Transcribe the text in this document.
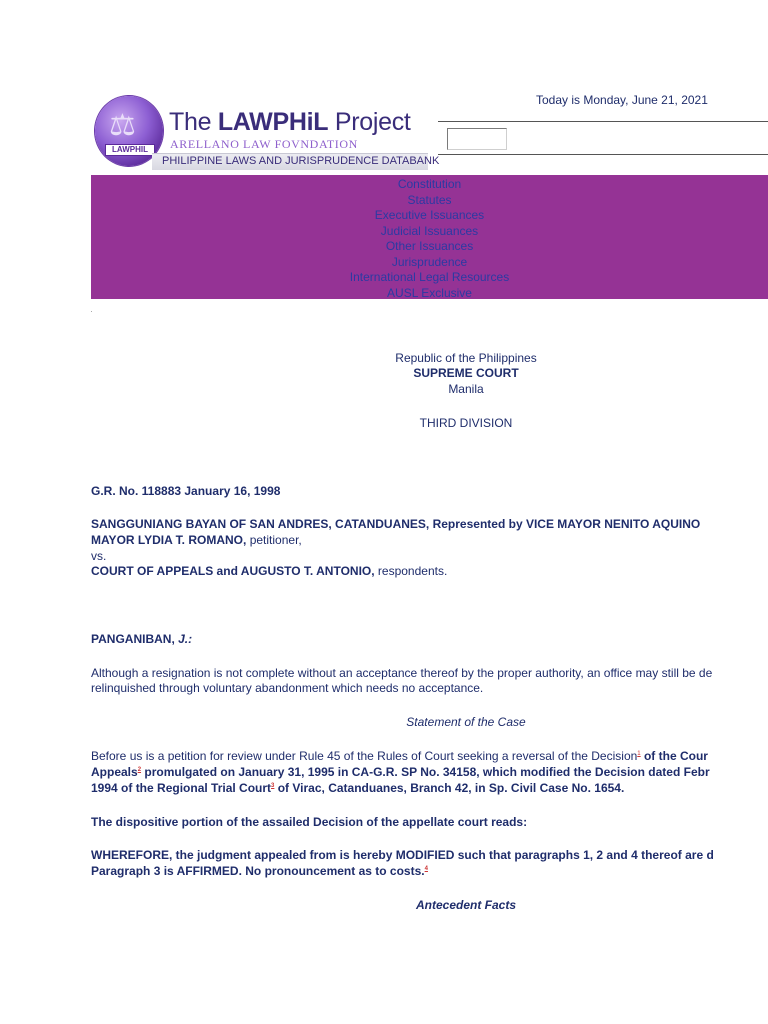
⚖
LAWPHIL
The LAWPHiL Project
ARELLANO LAW FOVNDATION
PHILIPPINE LAWS AND JURISPRUDENCE DATABANK
Today is Monday, June 21, 2021
Constitution
Statutes
Executive Issuances
Judicial Issuances
Other Issuances
Jurisprudence
International Legal Resources
AUSL Exclusive
Republic of the Philippines
SUPREME COURT
Manila
THIRD DIVISION
G.R. No. 118883 January 16, 1998
SANGGUNIANG BAYAN OF SAN ANDRES, CATANDUANES, Represented by VICE MAYOR NENITO AQUINO
MAYOR LYDIA T. ROMANO, petitioner,
vs.
COURT OF APPEALS and AUGUSTO T. ANTONIO, respondents.
PANGANIBAN, J.:
Although a resignation is not complete without an acceptance thereof by the proper authority, an office may still be de
relinquished through voluntary abandonment which needs no acceptance.
Statement of the Case
Before us is a petition for review under Rule 45 of the Rules of Court seeking a reversal of the Decision$^1$ of the Cour
Appeals$^2$ promulgated on January 31, 1995 in CA-G.R. SP No. 34158, which modified the Decision dated Febr
1994 of the Regional Trial Court$^3$ of Virac, Catanduanes, Branch 42, in Sp. Civil Case No. 1654.
The dispositive portion of the assailed Decision of the appellate court reads:
WHEREFORE, the judgment appealed from is hereby MODIFIED such that paragraphs 1, 2 and 4 thereof are d
Paragraph 3 is AFFIRMED. No pronouncement as to costs.$^4$
Antecedent Facts
